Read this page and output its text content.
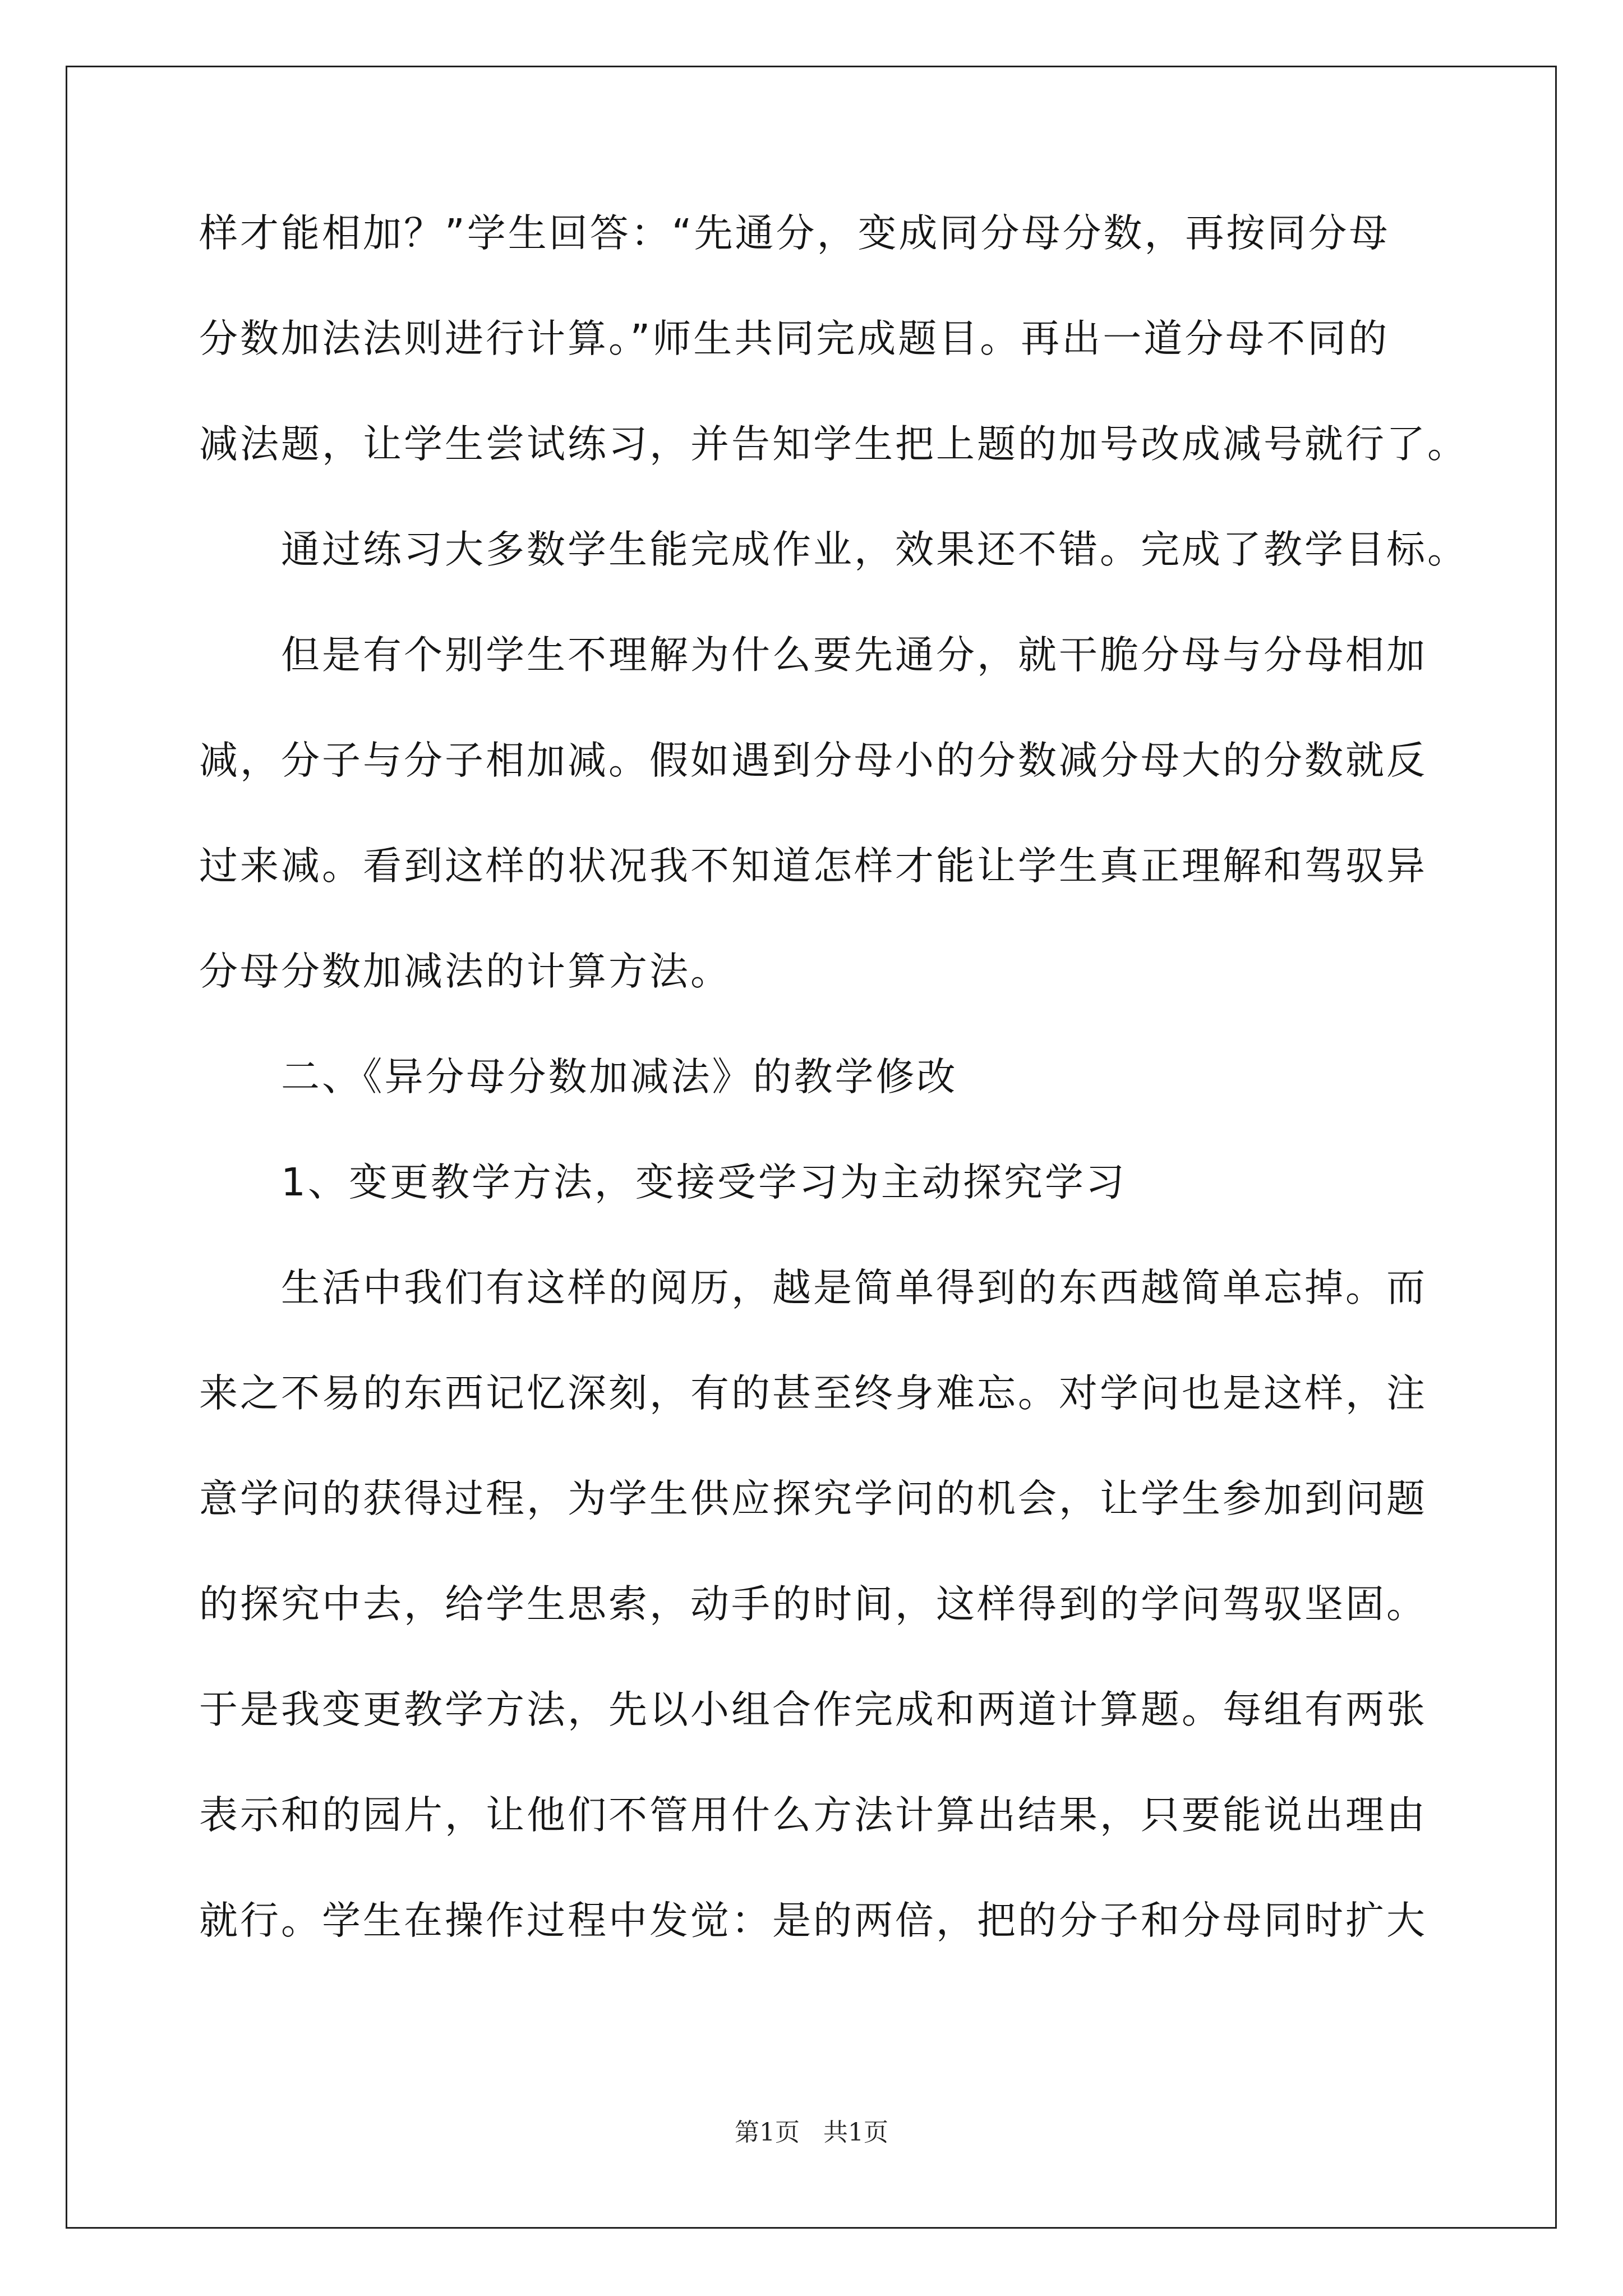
样才能相加？”学生回答：“先通分，变成同分母分数，再按同分母
分数加法法则进行计算。”师生共同完成题目。再出一道分母不同的
减法题，让学生尝试练习，并告知学生把上题的加号改成减号就行了。
通过练习大多数学生能完成作业，效果还不错。完成了教学目标。
但是有个别学生不理解为什么要先通分，就干脆分母与分母相加
减，分子与分子相加减。假如遇到分母小的分数减分母大的分数就反
过来减。看到这样的状况我不知道怎样才能让学生真正理解和驾驭异
分母分数加减法的计算方法。
二、《异分母分数加减法》的教学修改
1、变更教学方法，变接受学习为主动探究学习
生活中我们有这样的阅历，越是简单得到的东西越简单忘掉。而
来之不易的东西记忆深刻，有的甚至终身难忘。对学问也是这样，注
意学问的获得过程，为学生供应探究学问的机会，让学生参加到问题
的探究中去，给学生思索，动手的时间，这样得到的学问驾驭坚固。
于是我变更教学方法，先以小组合作完成和两道计算题。每组有两张
表示和的园片，让他们不管用什么方法计算出结果，只要能说出理由
就行。学生在操作过程中发觉：是的两倍，把的分子和分母同时扩大
第1页   共1页
